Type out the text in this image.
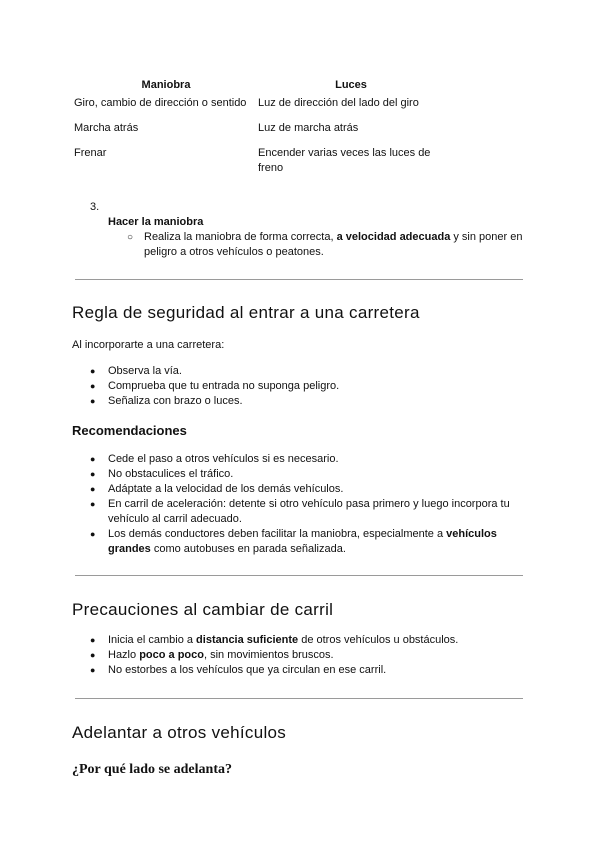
Maniobra	Luces
Giro, cambio de dirección o sentido	Luz de dirección del lado del giro
Marcha atrás	Luz de marcha atrás
Frenar	Encender varias veces las luces de freno
3.
Hacer la maniobra
○ Realiza la maniobra de forma correcta, a velocidad adecuada y sin poner en peligro a otros vehículos o peatones.
Regla de seguridad al entrar a una carretera

Al incorporarte a una carretera:

● Observa la vía.
● Comprueba que tu entrada no suponga peligro.
● Señaliza con brazo o luces.
Recomendaciones
● Cede el paso a otros vehículos si es necesario.
● No obstaculices el tráfico.
● Adáptate a la velocidad de los demás vehículos.
● En carril de aceleración: detente si otro vehículo pasa primero y luego incorpora tu vehículo al carril adecuado.
● Los demás conductores deben facilitar la maniobra, especialmente a vehículos grandes como autobuses en parada señalizada.
Precauciones al cambiar de carril
● Inicia el cambio a distancia suficiente de otros vehículos u obstáculos.
● Hazlo poco a poco, sin movimientos bruscos.
● No estorbes a los vehículos que ya circulan en ese carril.
Adelantar a otros vehículos
¿Por qué lado se adelanta?
